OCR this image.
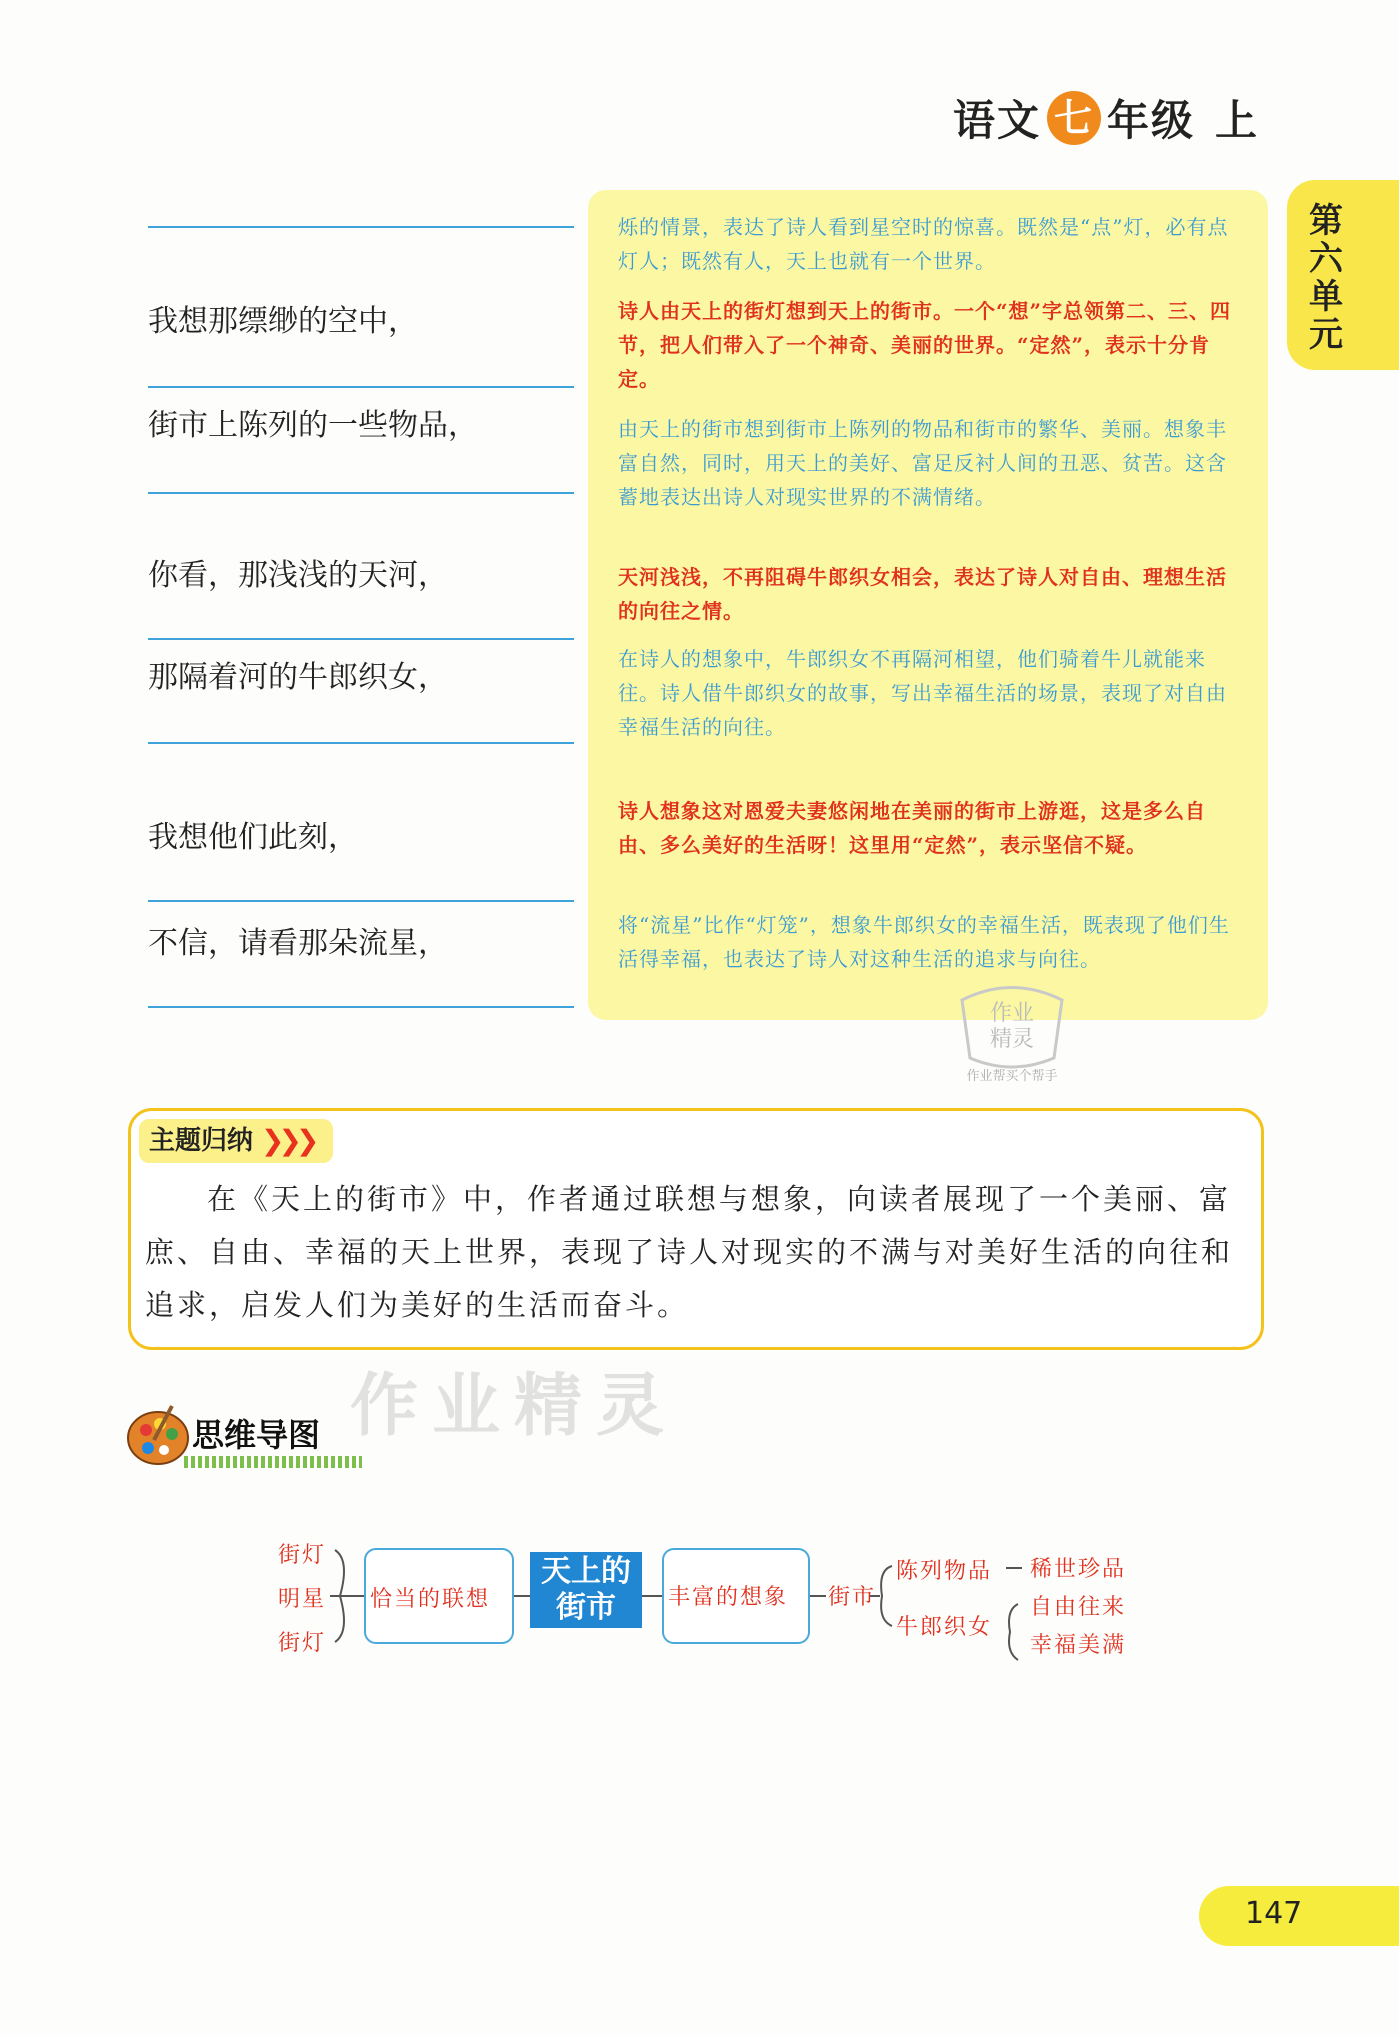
语文 七 年级 上
第六单元
我想那缥缈的空中，
街市上陈列的一些物品，
你看，那浅浅的天河，
那隔着河的牛郎织女，
我想他们此刻，
不信，请看那朵流星，
烁的情景，表达了诗人看到星空时的惊喜。既然是“点”灯，必有点灯人；既然有人，天上也就有一个世界。
诗人由天上的街灯想到天上的街市。一个“想”字总领第二、三、四节，把人们带入了一个神奇、美丽的世界。“定然”，表示十分肯定。
由天上的街市想到街市上陈列的物品和街市的繁华、美丽。想象丰富自然，同时，用天上的美好、富足反衬人间的丑恶、贫苦。这含蓄地表达出诗人对现实世界的不满情绪。
天河浅浅，不再阻碍牛郎织女相会，表达了诗人对自由、理想生活的向往之情。
在诗人的想象中，牛郎织女不再隔河相望，他们骑着牛儿就能来往。诗人借牛郎织女的故事，写出幸福生活的场景，表现了对自由幸福生活的向往。
诗人想象这对恩爱夫妻悠闲地在美丽的街市上游逛，这是多么自由、多么美好的生活呀！这里用“定然”，表示坚信不疑。
将“流星”比作“灯笼”，想象牛郎织女的幸福生活，既表现了他们生活得幸福，也表达了诗人对这种生活的追求与向往。
作业
精灵
作业帮买个帮手
主题归纳 ❯❯❯
在《天上的街市》中，作者通过联想与想象，向读者展现了一个美丽、富庶、自由、幸福的天上世界，表现了诗人对现实的不满与对美好生活的向往和追求，启发人们为美好的生活而奋斗。
思维导图 作业精灵
街灯
明星
街灯
恰当的联想
天上的
街市	丰富的想象 街市
陈列物品
牛郎织女
稀世珍品
自由往来
幸福美满
147
